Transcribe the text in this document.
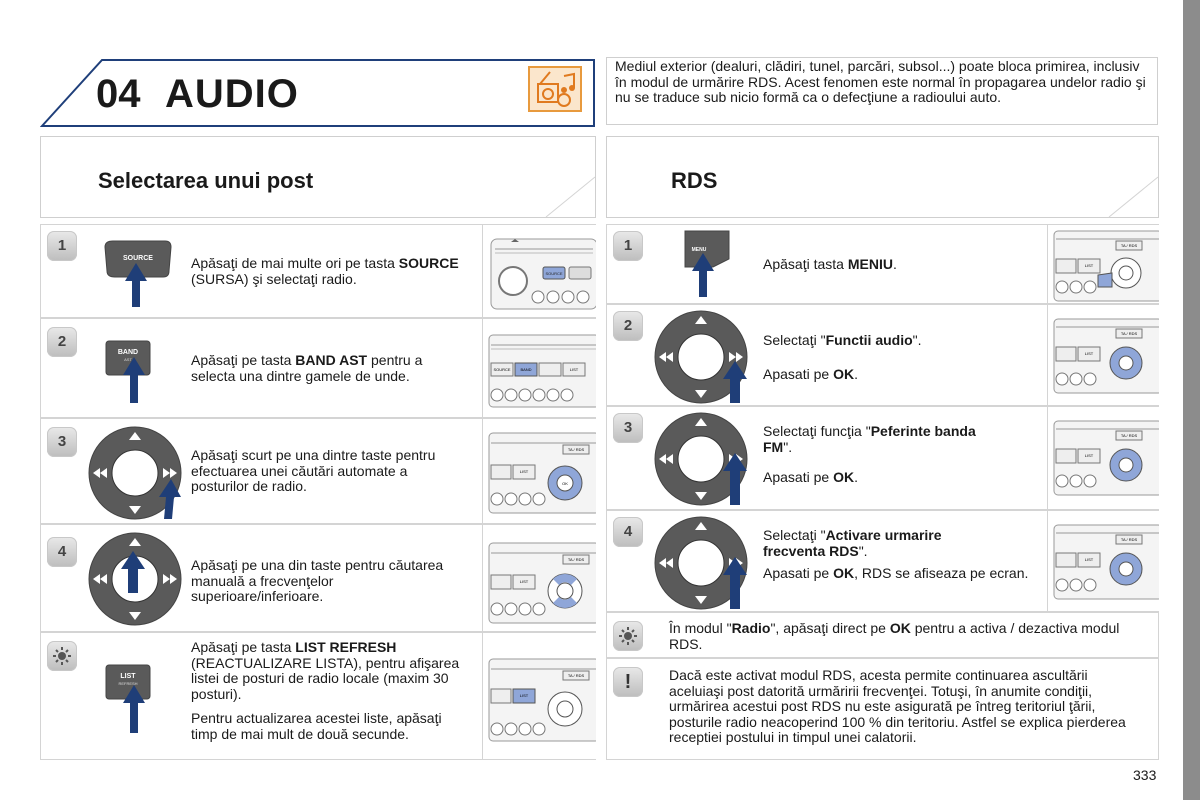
04 AUDIO
Mediul exterior (dealuri, clădiri, tunel, parcări, subsol...) poate bloca primirea, inclusiv în modul de urmărire RDS. Acest fenomen este normal în propagarea undelor radio şi nu se traduce sub nicio formă ca o defecţiune a radioului auto.
Selectarea unui post	RDS
1
SOURCE	Apăsaţi de mai multe ori pe tasta SOURCE (SURSA) şi selectaţi radio.	SOURCE
2
BAND
AST	Apăsaţi pe tasta BAND AST pentru a selecta una dintre gamele de unde.	SOURCE BAND	LIST
3
Apăsaţi scurt pe una dintre taste pentru efectuarea unei căutări automate a posturilor de radio.
TA / RDS
LIST
OK
4
Apăsaţi pe una din taste pentru căutarea manuală a frecvenţelor superioare/inferioare.
TA / RDS
LIST
LIST
REFRESH
Apăsaţi pe tasta LIST REFRESH (REACTUALIZARE LISTA), pentru afişarea listei de posturi de radio locale (maxim 30 posturi).
Pentru actualizarea acestei liste, apăsaţi timp de mai mult de două secunde.
TA / RDS
LIST
1	MENU
Apăsaţi tasta MENIU.
TA / RDS
LIST
2
Selectaţi "Functii audio".
Apasati pe OK.
TA / RDS
LIST
3	Selectaţi funcţia "Peferinte banda FM".
Apasati pe OK.
TA / RDS
LIST
4	Selectaţi "Activare urmarire frecventa RDS".
Apasati pe OK, RDS se afiseaza pe ecran.
TA / RDS
LIST
În modul "Radio", apăsaţi direct pe OK pentru a activa / dezactiva modul RDS.
!	Dacă este activat modul RDS, acesta permite continuarea ascultării aceluiaşi post datorită urmăririi frecvenţei. Totuşi, în anumite condiţii, urmărirea acestui post RDS nu este asigurată pe întreg teritoriul ţării, posturile radio neacoperind 100 % din teritoriu. Astfel se explica pierderea receptiei postului in timpul unei calatorii.
333
